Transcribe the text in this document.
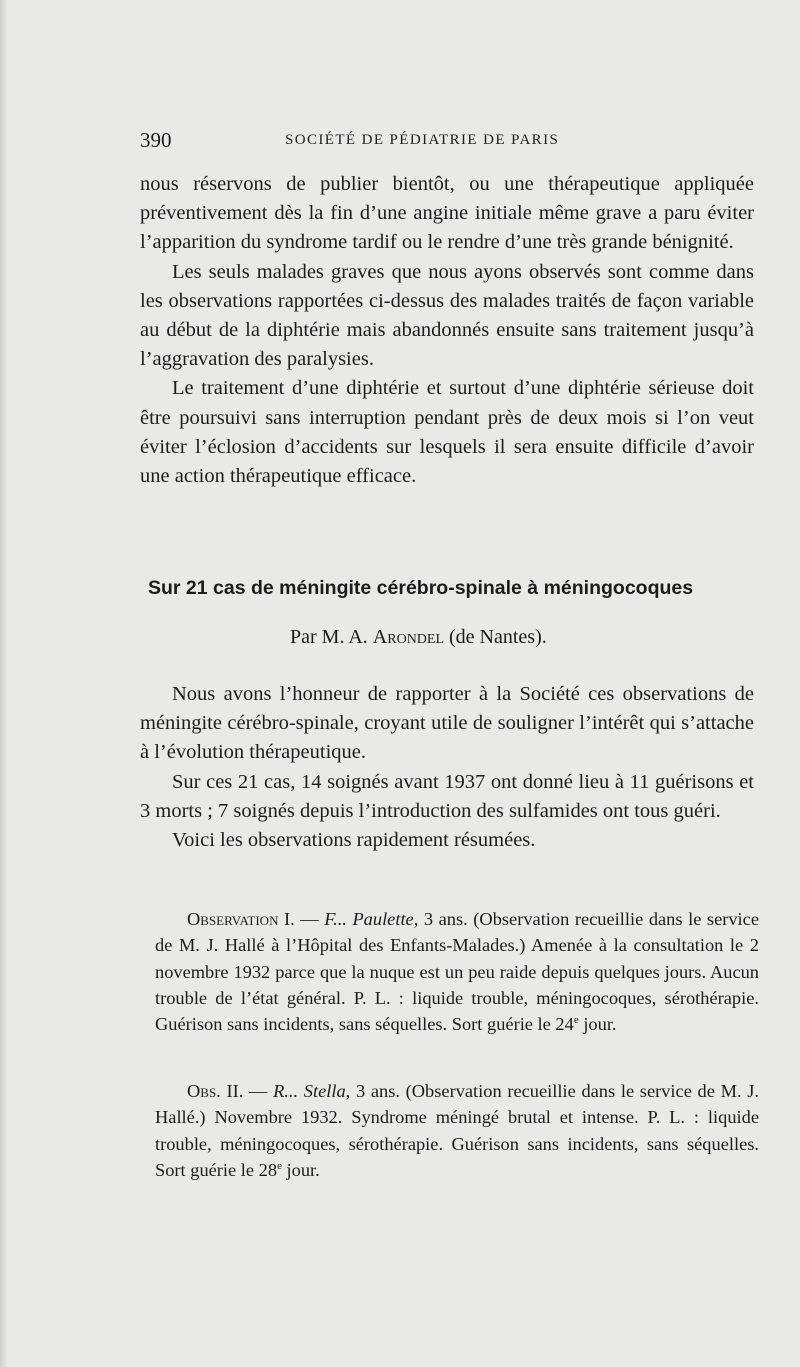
390	SOCIÉTÉ DE PÉDIATRIE DE PARIS

nous réservons de publier bientôt, ou une thérapeutique appliquée préventivement dès la fin d’une angine initiale même grave a paru éviter l’apparition du syndrome tardif ou le rendre d’une très grande bénignité.

Les seuls malades graves que nous ayons observés sont comme dans les observations rapportées ci-dessus des malades traités de façon variable au début de la diphtérie mais abandonnés ensuite sans traitement jusqu’à l’aggravation des paralysies.

Le traitement d’une diphtérie et surtout d’une diphtérie sérieuse doit être poursuivi sans interruption pendant près de deux mois si l’on veut éviter l’éclosion d’accidents sur lesquels il sera ensuite difficile d’avoir une action thérapeutique efficace.

Sur 21 cas de méningite cérébro-spinale à méningocoques
Par M. A. Arondel (de Nantes).

Nous avons l’honneur de rapporter à la Société ces observations de méningite cérébro-spinale, croyant utile de souligner l’intérêt qui s’attache à l’évolution thérapeutique.

Sur ces 21 cas, 14 soignés avant 1937 ont donné lieu à 11 guérisons et 3 morts ; 7 soignés depuis l’introduction des sulfamides ont tous guéri.

Voici les observations rapidement résumées.

Observation I. — F... Paulette, 3 ans. (Observation recueillie dans le service de M. J. Hallé à l’Hôpital des Enfants-Malades.) Amenée à la consultation le 2 novembre 1932 parce que la nuque est un peu raide depuis quelques jours. Aucun trouble de l’état général. P. L. : liquide trouble, méningocoques, sérothérapie. Guérison sans incidents, sans séquelles. Sort guérie le 24e jour.

Obs. II. — R... Stella, 3 ans. (Observation recueillie dans le service de M. J. Hallé.) Novembre 1932. Syndrome méningé brutal et intense. P. L. : liquide trouble, méningocoques, sérothérapie. Guérison sans incidents, sans séquelles. Sort guérie le 28e jour.
